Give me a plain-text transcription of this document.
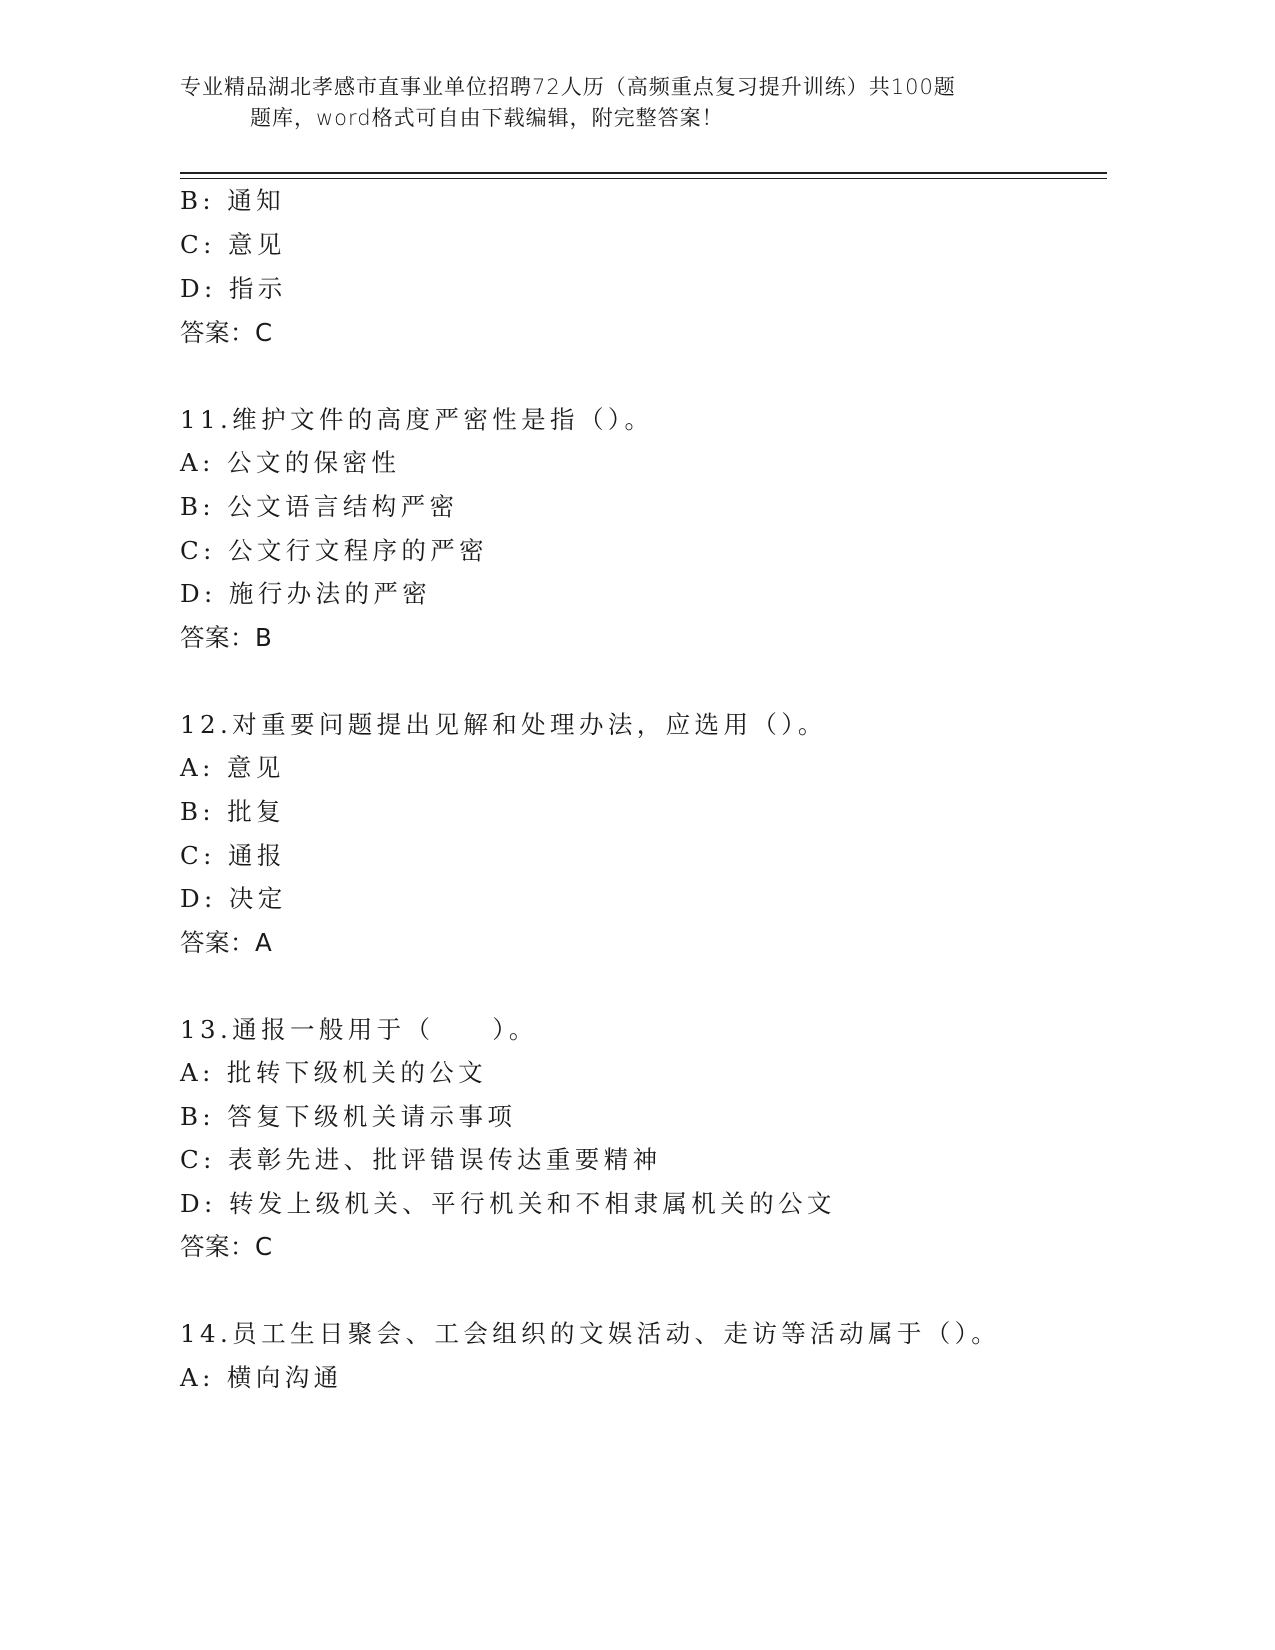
专业精品湖北孝感市直事业单位招聘72人历（高频重点复习提升训练）共100题
题库，word格式可自由下载编辑，附完整答案！
B: 通知
C: 意见
D: 指示
答案：C
11.维护文件的高度严密性是指（）。
A: 公文的保密性
B: 公文语言结构严密
C: 公文行文程序的严密
D: 施行办法的严密
答案：B
12.对重要问题提出见解和处理办法，应选用（）。
A: 意见
B: 批复
C: 通报
D: 决定
答案：A
13.通报一般用于（　　）。
A: 批转下级机关的公文
B: 答复下级机关请示事项
C: 表彰先进、批评错误传达重要精神
D: 转发上级机关、平行机关和不相隶属机关的公文
答案：C
14.员工生日聚会、工会组织的文娱活动、走访等活动属于（）。
A: 横向沟通
